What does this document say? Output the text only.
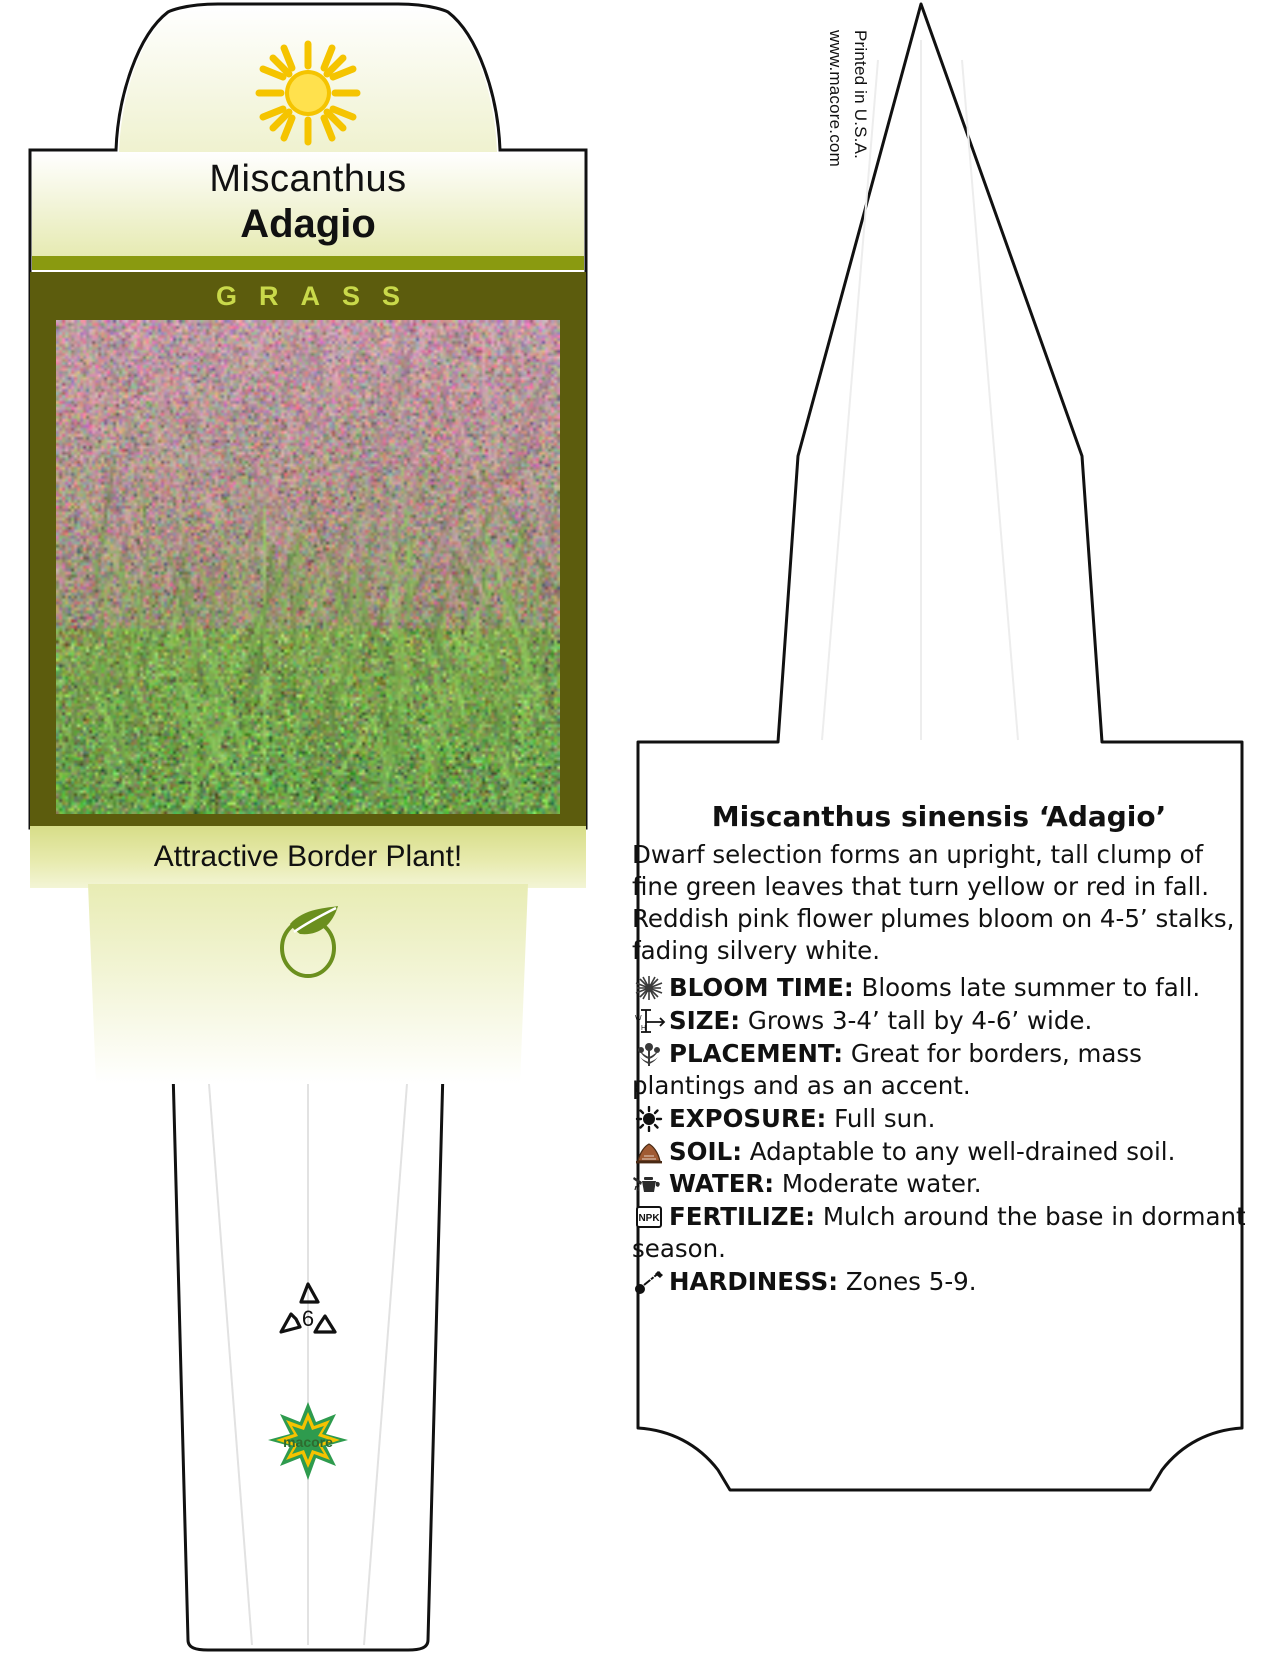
Miscanthus
Adagio
GRASS
Attractive Border Plant!
6
macore
Printed in U.S.A.
www.macore.com
Miscanthus sinensis ‘Adagio’

Dwarf selection forms an upright, tall clump of fine green leaves that turn yellow or red in fall. Reddish pink flower plumes bloom on 4-5’ stalks, fading silvery white.

BLOOM TIME: Blooms late summer to fall.
W
H SIZE: Grows 3-4’ tall by 4-6’ wide.
PLACEMENT: Great for borders, mass plantings and as an accent.
EXPOSURE: Full sun.
SOIL: Adaptable to any well-drained soil.
WATER: Moderate water.
NPK FERTILIZE: Mulch around the base in dormant season.
HARDINESS: Zones 5-9.
